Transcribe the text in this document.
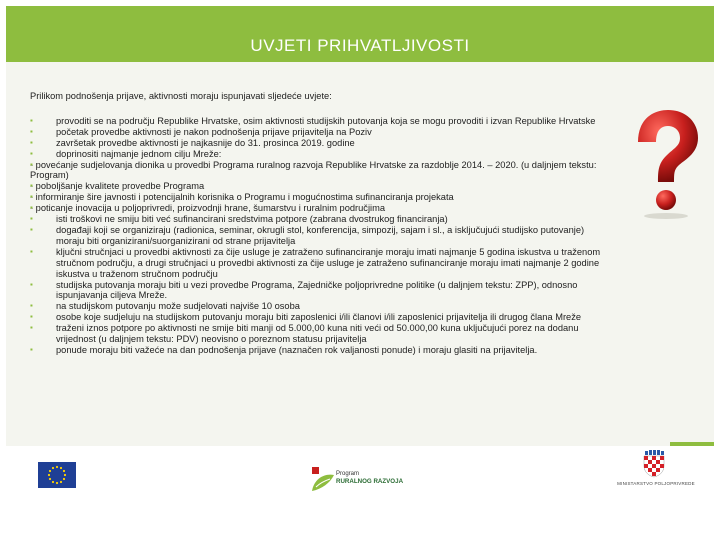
UVJETI PRIHVATLJIVOSTI

Prilikom podnošenja prijave, aktivnosti moraju ispunjavati sljedeće uvjete:

▪ provoditi se na području Republike Hrvatske, osim aktivnosti studijskih putovanja koja se mogu provoditi i izvan Republike Hrvatske
▪ početak provedbe aktivnosti je nakon podnošenja prijave prijavitelja na Poziv
▪ završetak provedbe aktivnosti je najkasnije do 31. prosinca 2019. godine
▪ doprinositi najmanje jednom cilju Mreže:
▪ - povećanje sudjelovanja dionika u provedbi Programa ruralnog razvoja Republike Hrvatske za razdoblje 2014. – 2020. (u daljnjem tekstu: Program)
▪ - poboljšanje kvalitete provedbe Programa
▪ - informiranje šire javnosti i potencijalnih korisnika o Programu i mogućnostima sufinanciranja projekata
▪ - poticanje inovacija u poljoprivredi, proizvodnji hrane, šumarstvu i ruralnim područjima
▪ isti troškovi ne smiju biti već sufinancirani sredstvima potpore (zabrana dvostrukog financiranja)
▪ događaji koji se organiziraju (radionica, seminar, okrugli stol, konferencija, simpozij, sajam i sl., a isključujući studijsko putovanje) moraju biti organizirani/suorganizirani od strane prijavitelja
▪ ključni stručnjaci u provedbi aktivnosti za čije usluge je zatraženo sufinanciranje moraju imati najmanje 5 godina iskustva u traženom stručnom području, a drugi stručnjaci u provedbi aktivnosti za čije usluge je zatraženo sufinanciranje moraju imati najmanje 2 godine iskustva u traženom stručnom području
▪ studijska putovanja moraju biti u vezi provedbe Programa, Zajedničke poljoprivredne politike (u daljnjem tekstu: ZPP), odnosno ispunjavanja ciljeva Mreže.
▪ na studijskom putovanju može sudjelovati najviše 10 osoba
▪ osobe koje sudjeluju na studijskom putovanju moraju biti zaposlenici i/ili članovi i/ili zaposlenici prijavitelja ili drugog člana Mreže
▪ traženi iznos potpore po aktivnosti ne smije biti manji od 5.000,00 kuna niti veći od 50.000,00 kuna uključujući porez na dodanu vrijednost (u daljnjem tekstu: PDV) neovisno o poreznom statusu prijavitelja
▪ ponude moraju biti važeće na dan podnošenja prijave (naznačen rok valjanosti ponude) i moraju glasiti na prijavitelja.
Program
RURALNOG RAZVOJA	MINISTARSTVO POLJOPRIVREDE
